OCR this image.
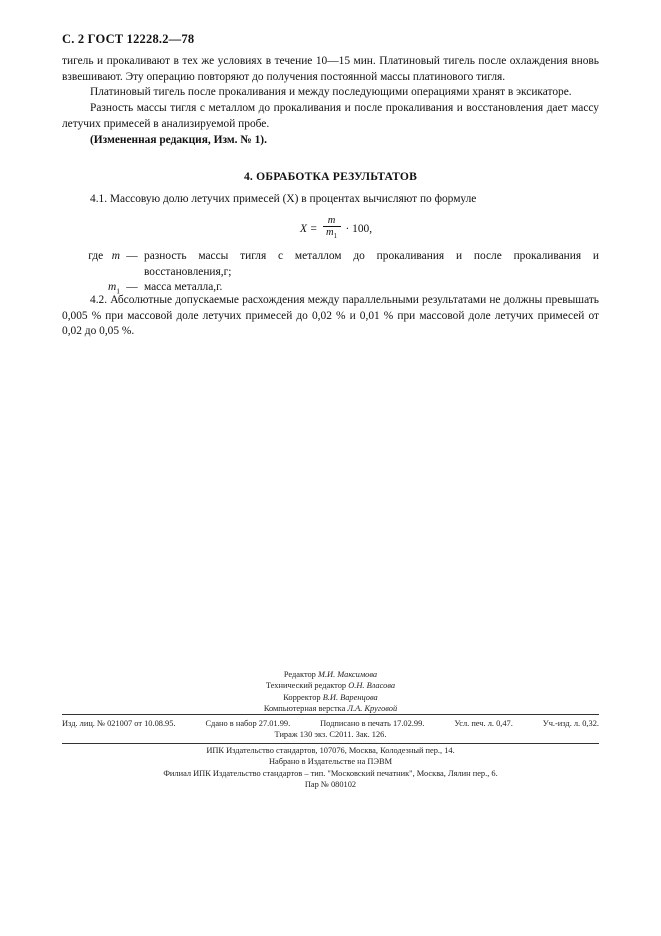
С. 2 ГОСТ 12228.2—78

тигель и прокаливают в тех же условиях в течение 10—15 мин. Платиновый тигель после охлаждения вновь взвешивают. Эту операцию повторяют до получения постоянной массы платинового тигля.

Платиновый тигель после прокаливания и между последующими операциями хранят в эксикаторе.

Разность массы тигля с металлом до прокаливания и после прокаливания и восстановления дает массу летучих примесей в анализируемой пробе.

(Измененная редакция, Изм. № 1).

4. ОБРАБОТКА РЕЗУЛЬТАТОВ

4.1. Массовую долю летучих примесей (X) в процентах вычисляют по формуле

$X = \frac{m}{m_1} \cdot 100$,
где m — разность массы тигля с металлом до прокаливания и после прокаливания и восстановления,г;
$m_1$ — масса металла,г.

4.2. Абсолютные допускаемые расхождения между параллельными результатами не должны превышать 0,005 % при массовой доле летучих примесей до 0,02 % и 0,01 % при массовой доле летучих примесей от 0,02 до 0,05 %.

Редактор М.И. Максимова
Технический редактор О.Н. Власова
Корректор В.И. Варенцова
Компьютерная верстка Л.А. Круговой
Изд. лиц. № 021007 от 10.08.95.	Сдано в набор 27.01.99.	Подписано в печать 17.02.99.	Усл. печ. л. 0,47.	Уч.-изд. л. 0,32.
Тираж 130 экз. С2011. Зак. 126.
ИПК Издательство стандартов, 107076, Москва, Колодезный пер., 14.
Набрано в Издательстве на ПЭВМ
Филиал ИПК Издательство стандартов – тип. "Московский печатник", Москва, Лялин пер., 6.
Пар № 080102
